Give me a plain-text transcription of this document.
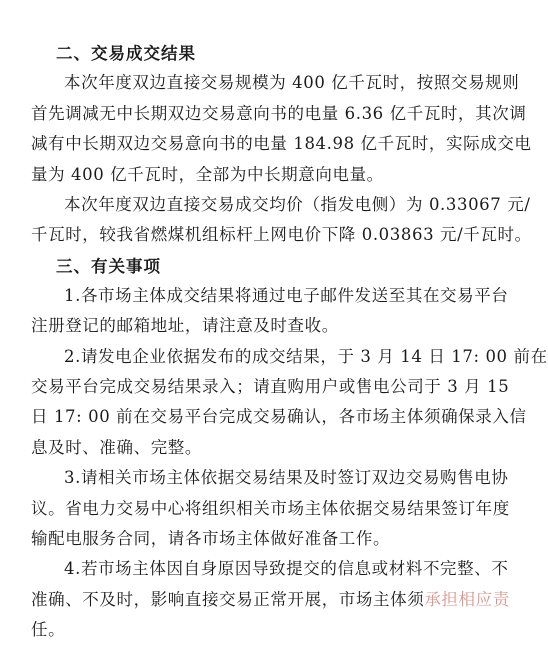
二、交易成交结果
本次年度双边直接交易规模为 400 亿千瓦时，按照交易规则
首先调减无中长期双边交易意向书的电量 6.36 亿千瓦时，其次调
减有中长期双边交易意向书的电量 184.98 亿千瓦时，实际成交电
量为 400 亿千瓦时，全部为中长期意向电量。
本次年度双边直接交易成交均价（指发电侧）为 0.33067 元/
千瓦时，较我省燃煤机组标杆上网电价下降 0.03863 元/千瓦时。
三、有关事项
1.各市场主体成交结果将通过电子邮件发送至其在交易平台
注册登记的邮箱地址，请注意及时查收。
2.请发电企业依据发布的成交结果，于 3 月 14 日 17: 00 前在
交易平台完成交易结果录入；请直购用户或售电公司于 3 月 15
日 17: 00 前在交易平台完成交易确认，各市场主体须确保录入信
息及时、准确、完整。
3.请相关市场主体依据交易结果及时签订双边交易购售电协
议。省电力交易中心将组织相关市场主体依据交易结果签订年度
输配电服务合同，请各市场主体做好准备工作。
4.若市场主体因自身原因导致提交的信息或材料不完整、不
准确、不及时，影响直接交易正常开展，市场主体须承担相应责
任。
